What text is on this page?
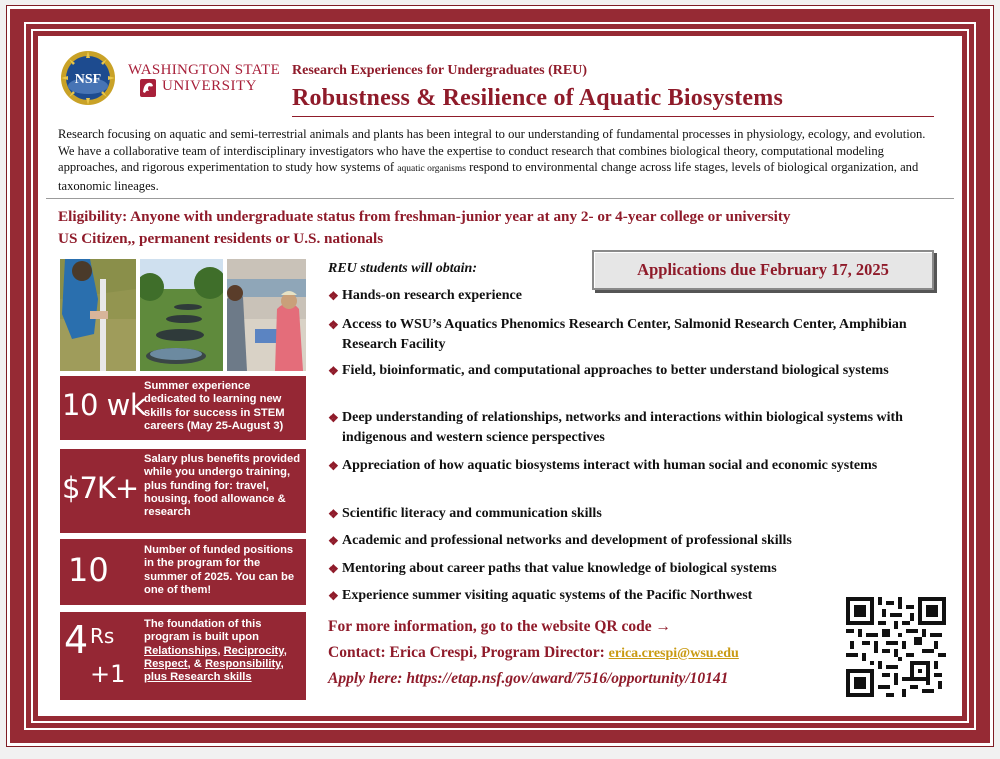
NSF
WASHINGTON STATE
UNIVERSITY
Research Experiences for Undergraduates (REU)
Robustness & Resilience of Aquatic Biosystems
Research focusing on aquatic and semi-terrestrial animals and plants has been integral to our understanding of fundamental processes in physiology, ecology, and evolution. We have a collaborative team of interdisciplinary investigators who have the expertise to conduct research that combines biological theory, computational modeling approaches, and rigorous experimentation to study how systems of aquatic organisms respond to environmental change across life stages, levels of biological organization, and taxonomic lineages.
Eligibility: Anyone with undergraduate status from freshman-junior year at any 2- or 4-year college or university
US Citizen,, permanent residents or U.S. nationals
10 wk
Summer experience dedicated to learning new skills for success in STEM careers (May 25-August 3)
$7K+
Salary plus benefits provided while you undergo training, plus funding for: travel, housing, food allowance & research
10
Number of funded positions in the program for the summer of 2025. You can be one of them!
4 Rs
+1
The foundation of this program is built upon Relationships, Reciprocity, Respect, & Responsibility, plus Research skills
REU students will obtain:	Applications due February 17, 2025
❖ Hands-on research experience
❖ Access to WSU’s Aquatics Phenomics Research Center, Salmonid Research Center, Amphibian Research Facility
❖ Field, bioinformatic, and computational approaches to better understand biological systems
❖ Deep understanding of relationships, networks and interactions within biological systems with indigenous and western science perspectives
❖ Appreciation of how aquatic biosystems interact with human social and economic systems
❖ Scientific literacy and communication skills
❖ Academic and professional networks and development of professional skills
❖ Mentoring about career paths that value knowledge of biological systems
❖ Experience summer visiting aquatic systems of the Pacific Northwest
For more information, go to the website QR code →
Contact: Erica Crespi, Program Director: erica.crespi@wsu.edu
Apply here: https://etap.nsf.gov/award/7516/opportunity/10141
